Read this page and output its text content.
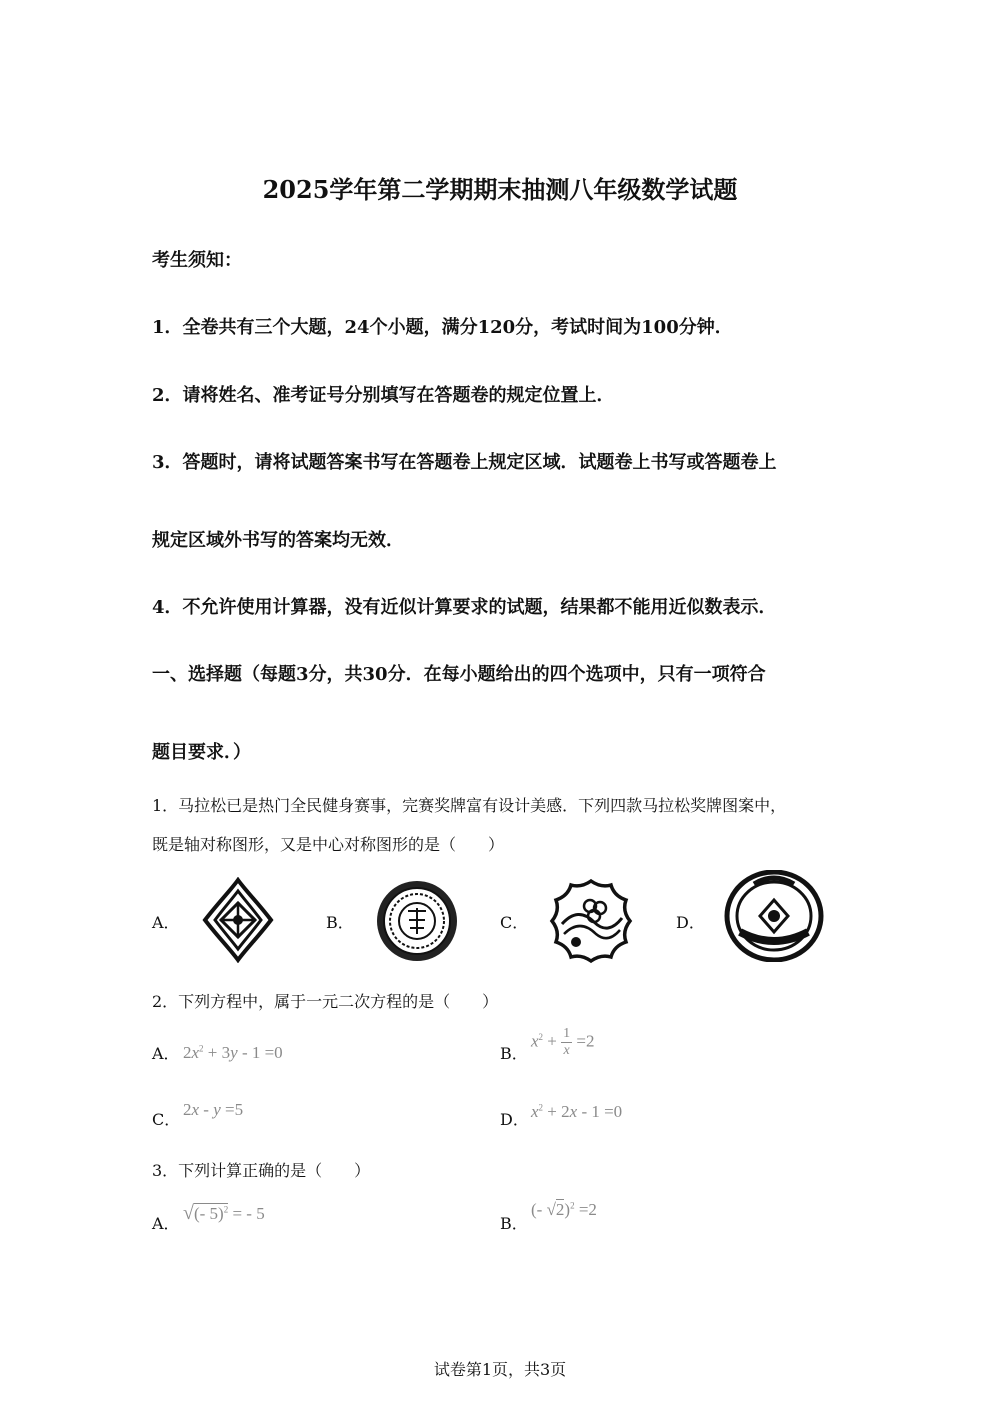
2025学年第二学期期末抽测八年级数学试题
考生须知：
1．全卷共有三个大题，24个小题，满分120分，考试时间为100分钟．
2．请将姓名、准考证号分别填写在答题卷的规定位置上．
3．答题时，请将试题答案书写在答题卷上规定区域．试题卷上书写或答题卷上
规定区域外书写的答案均无效．
4．不允许使用计算器，没有近似计算要求的试题，结果都不能用近似数表示．
一、选择题（每题3分，共30分．在每小题给出的四个选项中，只有一项符合
题目要求．）
1．马拉松已是热门全民健身赛事，完赛奖牌富有设计美感．下列四款马拉松奖牌图案中，
既是轴对称图形，又是中心对称图形的是（　　）
A．	B．	C．	D．
2．下列方程中，属于一元二次方程的是（　　）
A． $2x^2 + 3y - 1 =0$	B．
$x^2 + \frac{1}{x} =2$
C．
2x - y =5
D． $x^2 + 2x - 1 =0$
3．下列计算正确的是（　　）
A． √(- 5)$^2$ = - 5
B．
(- √2)$^2$ =2
试卷第1页，共3页
